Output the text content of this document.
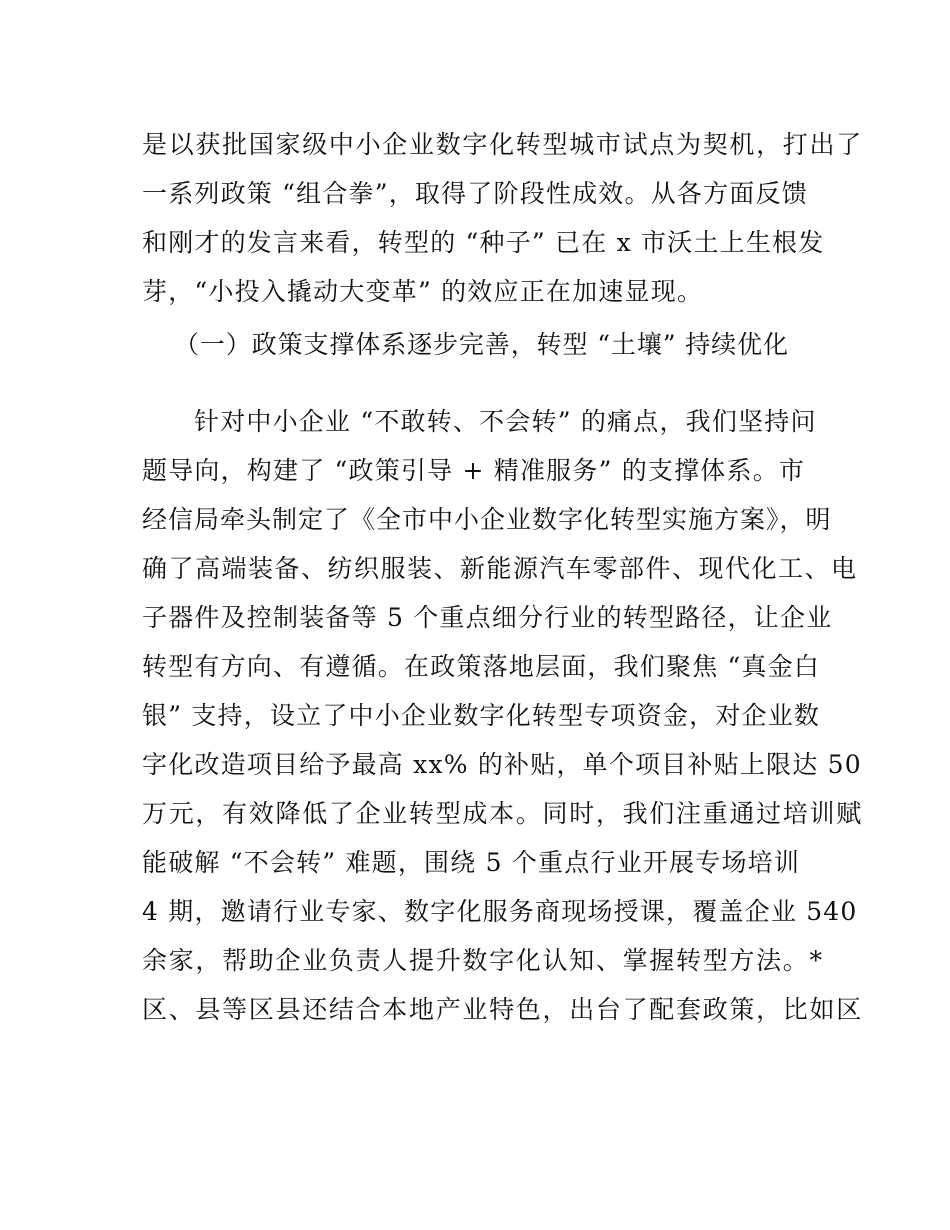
是以获批国家级中小企业数字化转型城市试点为契机，打出了
一系列政策 “组合拳”，取得了阶段性成效。从各方面反馈
和刚才的发言来看，转型的 “种子” 已在 x 市沃土上生根发
芽，“小投入撬动大变革” 的效应正在加速显现。
（一）政策支撑体系逐步完善，转型 “土壤” 持续优化
针对中小企业 “不敢转、不会转” 的痛点，我们坚持问
题导向，构建了 “政策引导 + 精准服务” 的支撑体系。市
经信局牵头制定了《全市中小企业数字化转型实施方案》，明
确了高端装备、纺织服装、新能源汽车零部件、现代化工、电
子器件及控制装备等 5 个重点细分行业的转型路径，让企业
转型有方向、有遵循。在政策落地层面，我们聚焦 “真金白
银” 支持，设立了中小企业数字化转型专项资金，对企业数
字化改造项目给予最高 xx% 的补贴，单个项目补贴上限达 50
万元，有效降低了企业转型成本。同时，我们注重通过培训赋
能破解 “不会转” 难题，围绕 5 个重点行业开展专场培训
4 期，邀请行业专家、数字化服务商现场授课，覆盖企业 540
余家，帮助企业负责人提升数字化认知、掌握转型方法。*
区、县等区县还结合本地产业特色，出台了配套政策，比如区
